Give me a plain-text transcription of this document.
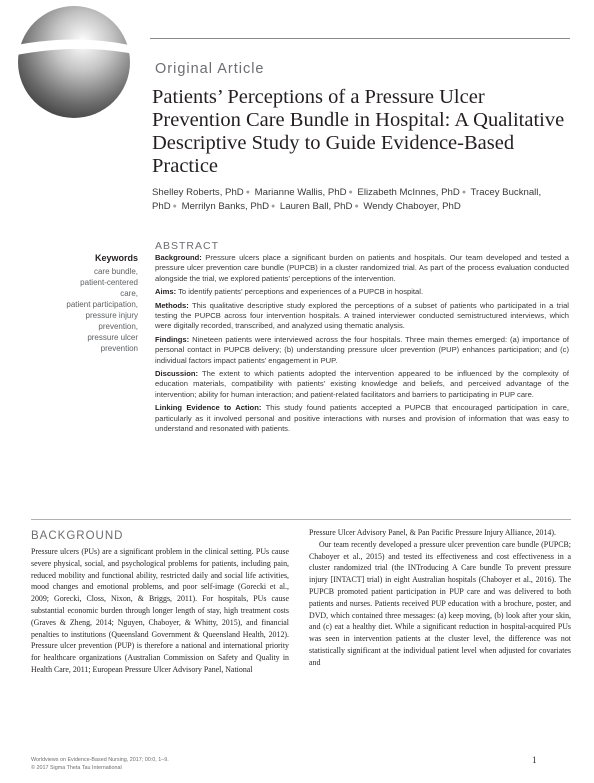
Original Article
Patients’ Perceptions of a Pressure Ulcer Prevention Care Bundle in Hospital: A Qualitative Descriptive Study to Guide Evidence-Based Practice

Shelley Roberts, PhD ● Marianne Wallis, PhD ● Elizabeth McInnes, PhD ● Tracey Bucknall, PhD ● Merrilyn Banks, PhD ● Lauren Ball, PhD ● Wendy Chaboyer, PhD

Keywords
care bundle,
patient-centered
care,
patient participation,
pressure injury
prevention,
pressure ulcer
prevention
ABSTRACT

Background: Pressure ulcers place a significant burden on patients and hospitals. Our team developed and tested a pressure ulcer prevention care bundle (PUPCB) in a cluster randomized trial. As part of the process evaluation conducted alongside the trial, we explored patients’ perceptions of the intervention.

Aims: To identify patients’ perceptions and experiences of a PUPCB in hospital.

Methods: This qualitative descriptive study explored the perceptions of a subset of patients who participated in a trial testing the PUPCB across four intervention hospitals. A trained interviewer conducted semistructured interviews, which were digitally recorded, transcribed, and analyzed using thematic analysis.

Findings: Nineteen patients were interviewed across the four hospitals. Three main themes emerged: (a) importance of personal contact in PUPCB delivery; (b) understanding pressure ulcer prevention (PUP) enhances participation; and (c) individual factors impact patients’ engagement in PUP.

Discussion: The extent to which patients adopted the intervention appeared to be influenced by the complexity of education materials, compatibility with patients’ existing knowledge and beliefs, and perceived advantage of the intervention; ability for human interaction; and patient-related facilitators and barriers to participating in PUP care.

Linking Evidence to Action: This study found patients accepted a PUPCB that encouraged participation in care, particularly as it involved personal and positive interactions with nurses and provision of information that was easy to understand and resonated with patients.

BACKGROUND

Pressure ulcers (PUs) are a significant problem in the clinical setting. PUs cause severe physical, social, and psychological problems for patients, including pain, reduced mobility and functional ability, restricted daily and social life activities, mood changes and emotional problems, and poor self-image (Gorecki et al., 2009; Gorecki, Closs, Nixon, & Briggs, 2011). For hospitals, PUs cause substantial economic burden through longer length of stay, high treatment costs (Graves & Zheng, 2014; Nguyen, Chaboyer, & Whitty, 2015), and financial penalties to institutions (Queensland Government & Queensland Health, 2012). Pressure ulcer prevention (PUP) is therefore a national and international priority for healthcare organizations (Australian Commission on Safety and Quality in Health Care, 2011; European Pressure Ulcer Advisory Panel, National

Pressure Ulcer Advisory Panel, & Pan Pacific Pressure Injury Alliance, 2014).

Our team recently developed a pressure ulcer prevention care bundle (PUPCB; Chaboyer et al., 2015) and tested its effectiveness and cost effectiveness in a cluster randomized trial (the INTroducing A Care bundle To prevent pressure injury [INTACT] trial) in eight Australian hospitals (Chaboyer et al., 2016). The PUPCB promoted patient participation in PUP care and was delivered to both patients and nurses. Patients received PUP education with a brochure, poster, and DVD, which contained three messages: (a) keep moving, (b) look after your skin, and (c) eat a healthy diet. While a significant reduction in hospital-acquired PUs was seen in intervention patients at the cluster level, the difference was not statistically significant at the individual patient level when adjusted for covariates and

Worldviews on Evidence-Based Nursing, 2017; 00:0, 1–9.
© 2017 Sigma Theta Tau International
1
